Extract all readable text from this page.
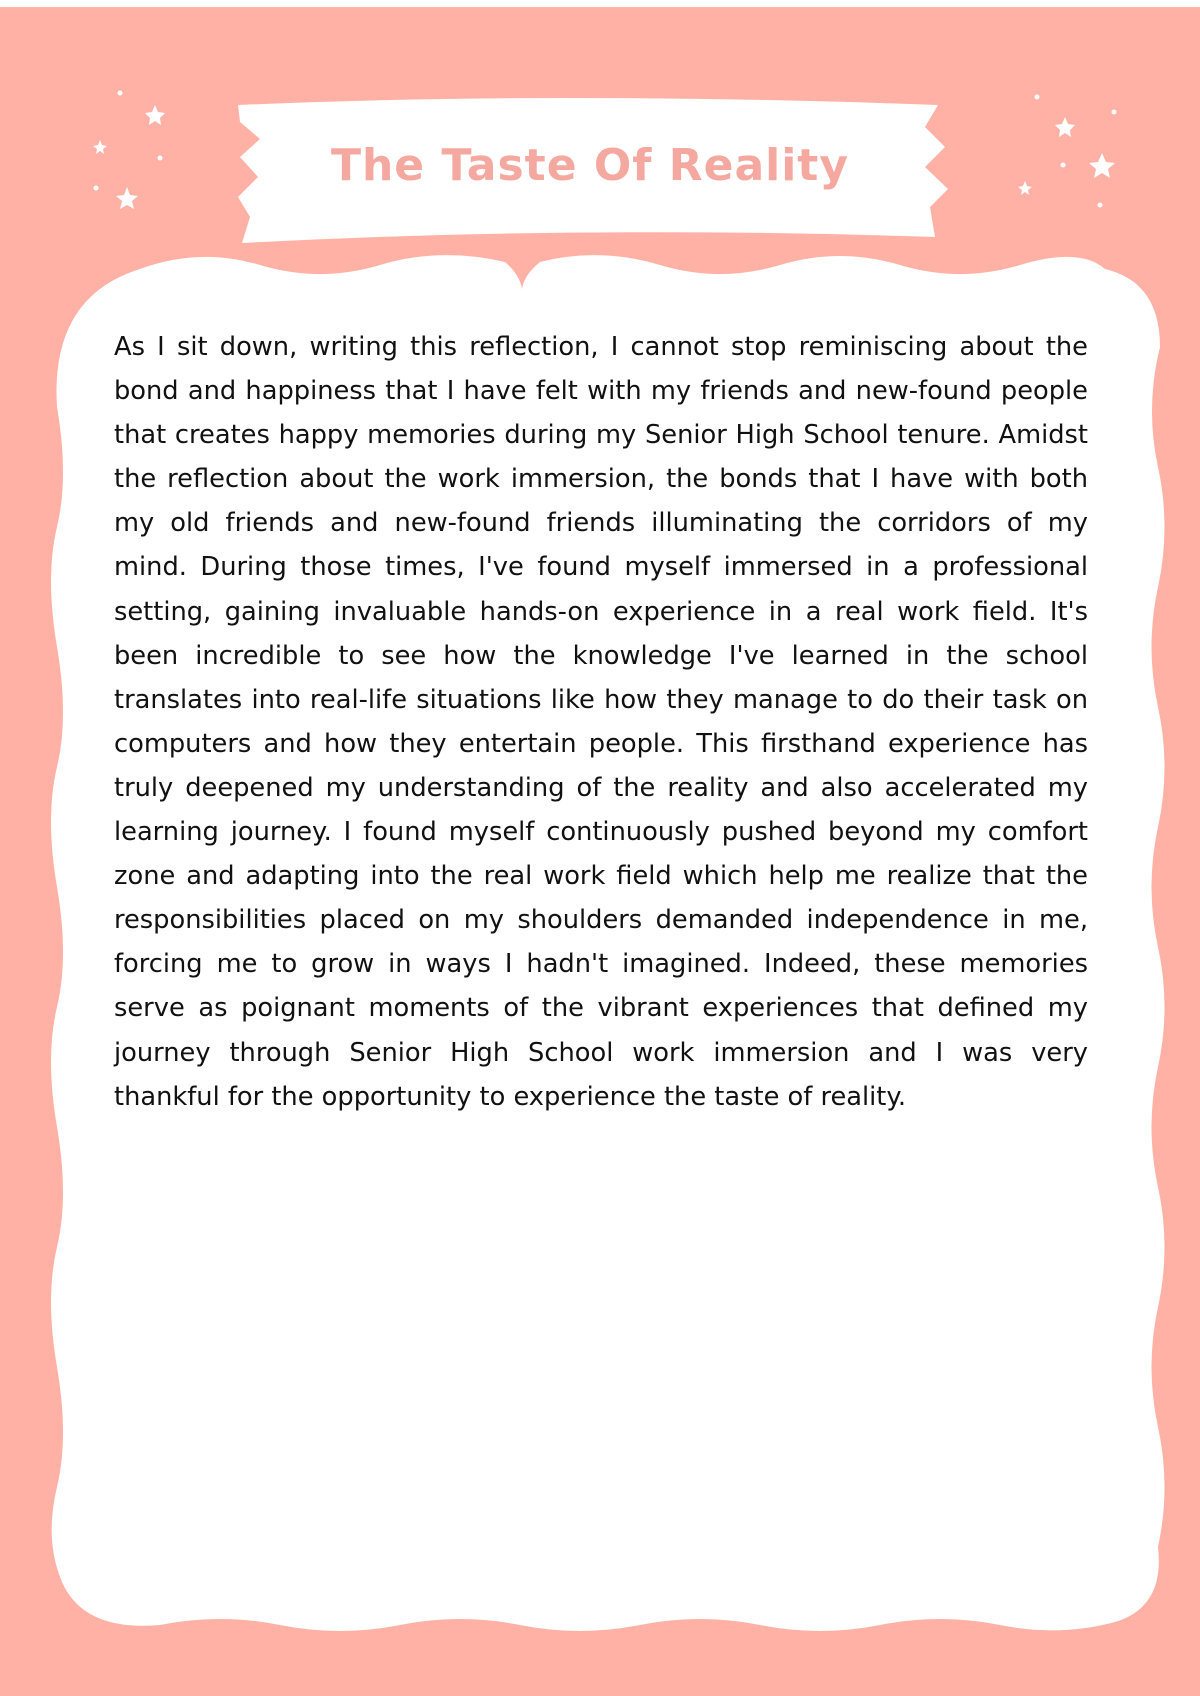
The Taste Of Reality

As I sit down, writing this reflection, I cannot stop reminiscing about the bond and happiness that I have felt with my friends and new-found people that creates happy memories during my Senior High School tenure. Amidst the reflection about the work immersion, the bonds that I have with both my old friends and new-found friends illuminating the corridors of my mind. During those times, I've found myself immersed in a professional setting, gaining invaluable hands-on experience in a real work field. It's been incredible to see how the knowledge I've learned in the school translates into real-life situations like how they manage to do their task on computers and how they entertain people. This firsthand experience has truly deepened my understanding of the reality and also accelerated my learning journey. I found myself continuously pushed beyond my comfort zone and adapting into the real work field which help me realize that the responsibilities placed on my shoulders demanded independence in me, forcing me to grow in ways I hadn't imagined. Indeed, these memories serve as poignant moments of the vibrant experiences that defined my journey through Senior High School work immersion and I was very thankful for the opportunity to experience the taste of reality.
